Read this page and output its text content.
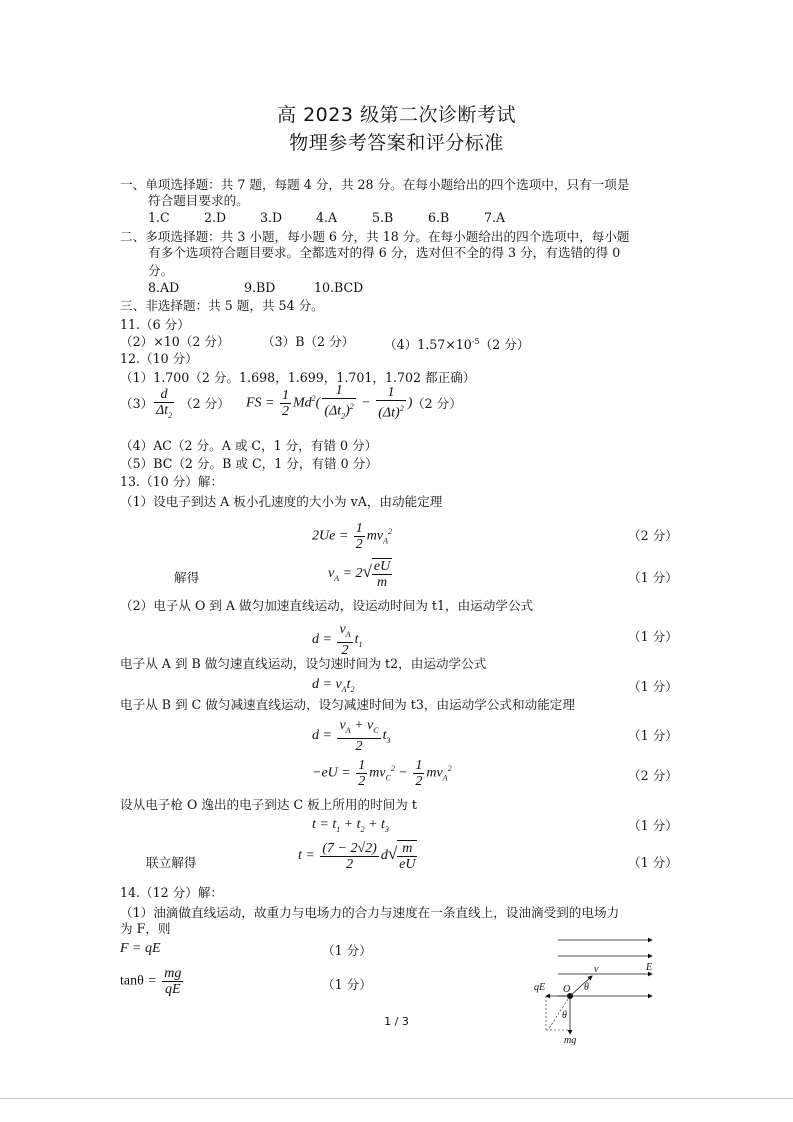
高 2023 级第二次诊断考试
物理参考答案和评分标准
一、单项选择题：共 7 题，每题 4 分，共 28 分。在每小题给出的四个选项中，只有一项是
符合题目要求的。
1.C	2.D	3.D	4.A	5.B	6.B	7.A
二、多项选择题：共 3 小题，每小题 6 分，共 18 分。在每小题给出的四个选项中，每小题
有多个选项符合题目要求。全都选对的得 6 分，选对但不全的得 3 分，有选错的得 0
分。
8.AD	9.BD	10.BCD
三、非选择题：共 5 题，共 54 分。
11.（6 分）
（2）×10（2 分）	（3）B（2 分） $(4)1.57\times 10^{-5}(2$ 分）
12.（10 分）
（1）1.700（2 分。1.698，1.699，1.701，1.702 都正确）
$(3) \frac{d}{\Delta t_2} (2$ 分） FS = $\frac{1}{2} Md^2( \frac{1}{(\Delta t_2)^2} - \frac{1}{(\Delta t)^2}$ ) （2 分）
（4）AC（2 分。A 或 C，1 分，有错 0 分）
（5）BC（2 分。B 或 C，1 分，有错 0 分）
13.（10 分）解：
（1）设电子到达 A 板小孔速度的大小为 vA，由动能定理
$2Ue = \frac{1}{2} mv_A^2$	（2 分）
解得	$v_A = 2√ \frac{eU}{m}$	（1 分）
（2）电子从 O 到 A 做匀加速直线运动，设运动时间为 t1，由运动学公式
$d = \frac{v_A}{2} t_1$
（1 分）
电子从 A 到 B 做匀速直线运动，设匀速时间为 t2，由运动学公式
$d = v_At_2$	（1 分）
电子从 B 到 C 做匀减速直线运动，设匀减速时间为 t3，由运动学公式和动能定理
$d = \frac{v_A + v_C}{2} t_3$	（1 分）
$-eU = \frac{1}{2} mv_C^2 - \frac{1}{2} mv_A^2$	（2 分）
设从电子枪 O 逸出的电子到达 C 板上所用的时间为 t
$t = t_1 + t_2 + t_3$	（1 分）
联立解得	$t = \frac{(7 - 2√2)}{2} d√ \frac{m}{eU}$	（1 分）
14.（12 分）解：
（1）油滴做直线运动，故重力与电场力的合力与速度在一条直线上，设油滴受到的电场力
为 F，则
F = qE	（1 分）
$\tan\theta = \frac{mg}{qE}$	（1 分）
v	E
qE O θ
θ
mg
1 / 3
